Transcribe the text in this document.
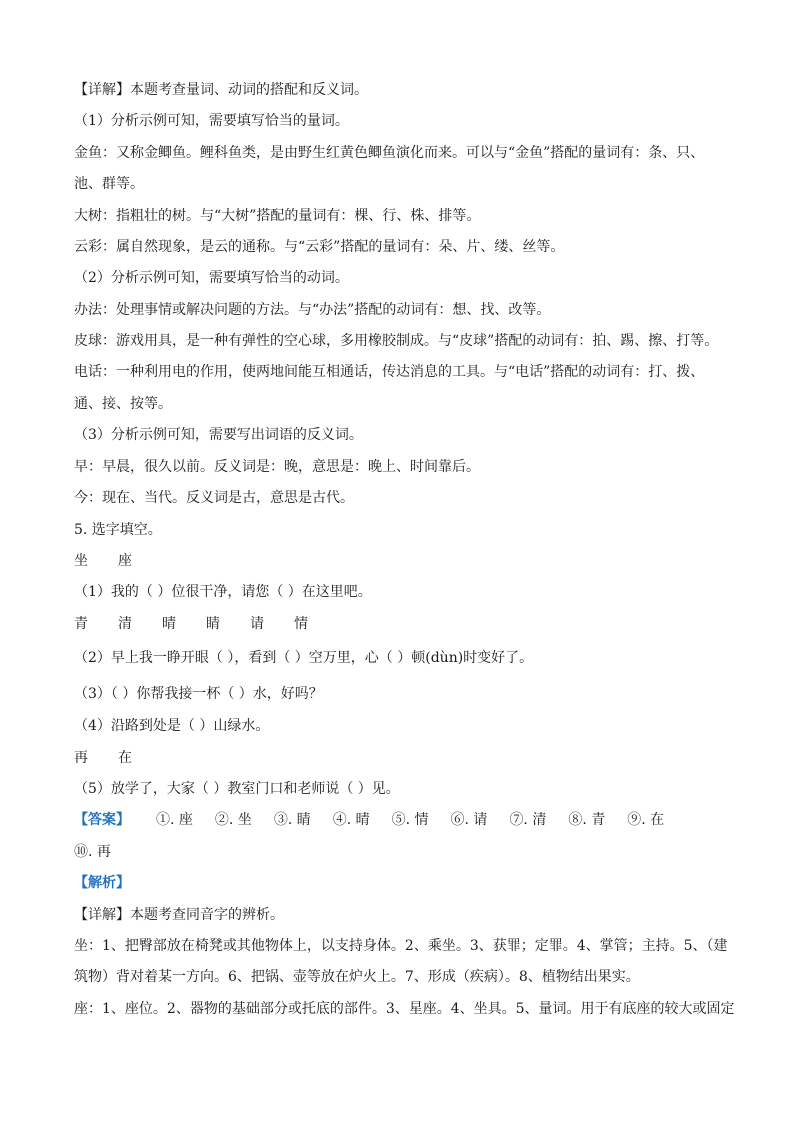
【详解】本题考查量词、动词的搭配和反义词。
（1）分析示例可知，需要填写恰当的量词。
金鱼：又称金鲫鱼。鲤科鱼类，是由野生红黄色鲫鱼演化而来。可以与“金鱼”搭配的量词有：条、只、
池、群等。
大树：指粗壮的树。与“大树”搭配的量词有：棵、行、株、排等。
云彩：属自然现象，是云的通称。与“云彩”搭配的量词有：朵、片、缕、丝等。
（2）分析示例可知，需要填写恰当的动词。
办法：处理事情或解决问题的方法。与“办法”搭配的动词有：想、找、改等。
皮球：游戏用具，是一种有弹性的空心球，多用橡胶制成。与“皮球”搭配的动词有：拍、踢、擦、打等。
电话：一种利用电的作用，使两地间能互相通话，传达消息的工具。与“电话”搭配的动词有：打、拨、
通、接、按等。
（3）分析示例可知，需要写出词语的反义词。
早：早晨，很久以前。反义词是：晚，意思是：晚上、时间靠后。
今：现在、当代。反义词是古，意思是古代。
5. 选字填空。
坐 座
（1）我的（ ）位很干净，请您（ ）在这里吧。
青 清 晴 睛 请 情
（2）早上我一睁开眼（ ），看到（ ）空万里，心（ ）顿(dùn)时变好了。
（3）（ ）你帮我接一杯（ ）水，好吗？
（4）沿路到处是（ ）山绿水。
再 在
（5）放学了，大家（ ）教室门口和老师说（ ）见。
【答案】 ①. 座 ②. 坐 ③. 睛 ④. 晴 ⑤. 情 ⑥. 请 ⑦. 清 ⑧. 青 ⑨. 在
⑩. 再
【解析】
【详解】本题考查同音字的辨析。
坐：1、把臀部放在椅凳或其他物体上，以支持身体。2、乘坐。3、获罪；定罪。4、掌管；主持。5、（建
筑物）背对着某一方向。6、把锅、壶等放在炉火上。7、形成（疾病）。8、植物结出果实。
座：1、座位。2、器物的基础部分或托底的部件。3、星座。4、坐具。5、量词。用于有底座的较大或固定
